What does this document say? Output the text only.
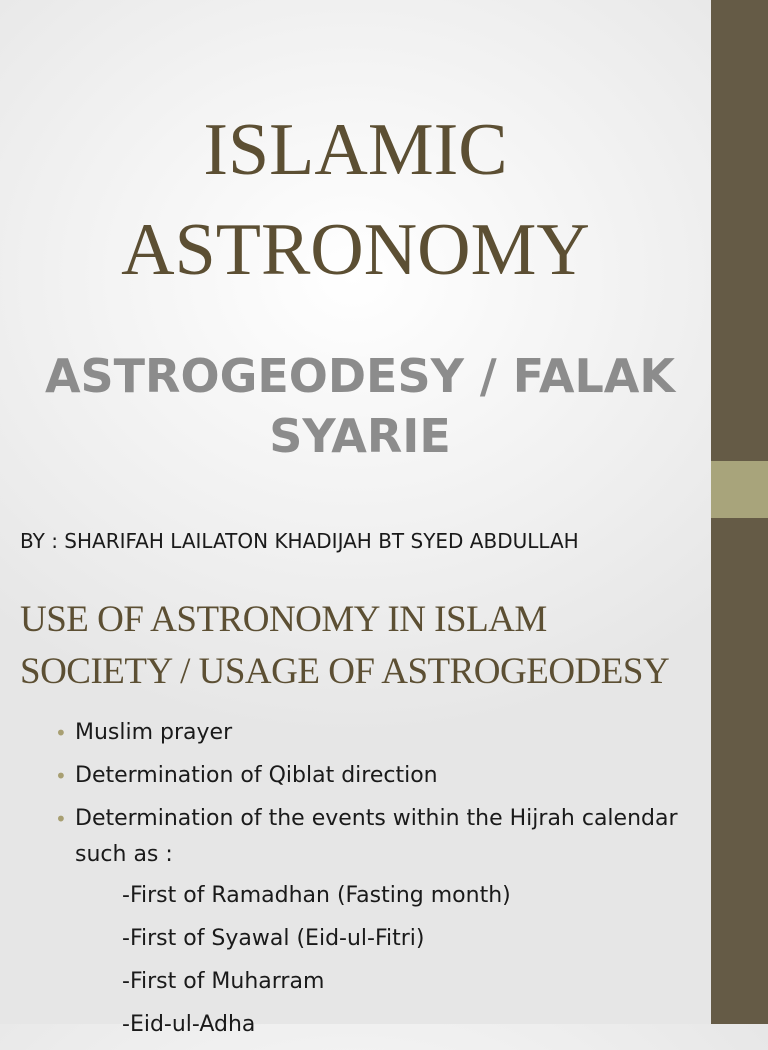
ISLAMIC
ASTRONOMY
ASTROGEODESY / FALAK
SYARIE
BY : SHARIFAH LAILATON KHADIJAH BT SYED ABDULLAH
USE OF ASTRONOMY IN ISLAM
SOCIETY / USAGE OF ASTROGEODESY
• Muslim prayer
• Determination of Qiblat direction
• Determination of the events within the Hijrah calendar such as :
-First of Ramadhan (Fasting month)
-First of Syawal (Eid-ul-Fitri)
-First of Muharram
-Eid-ul-Adha
